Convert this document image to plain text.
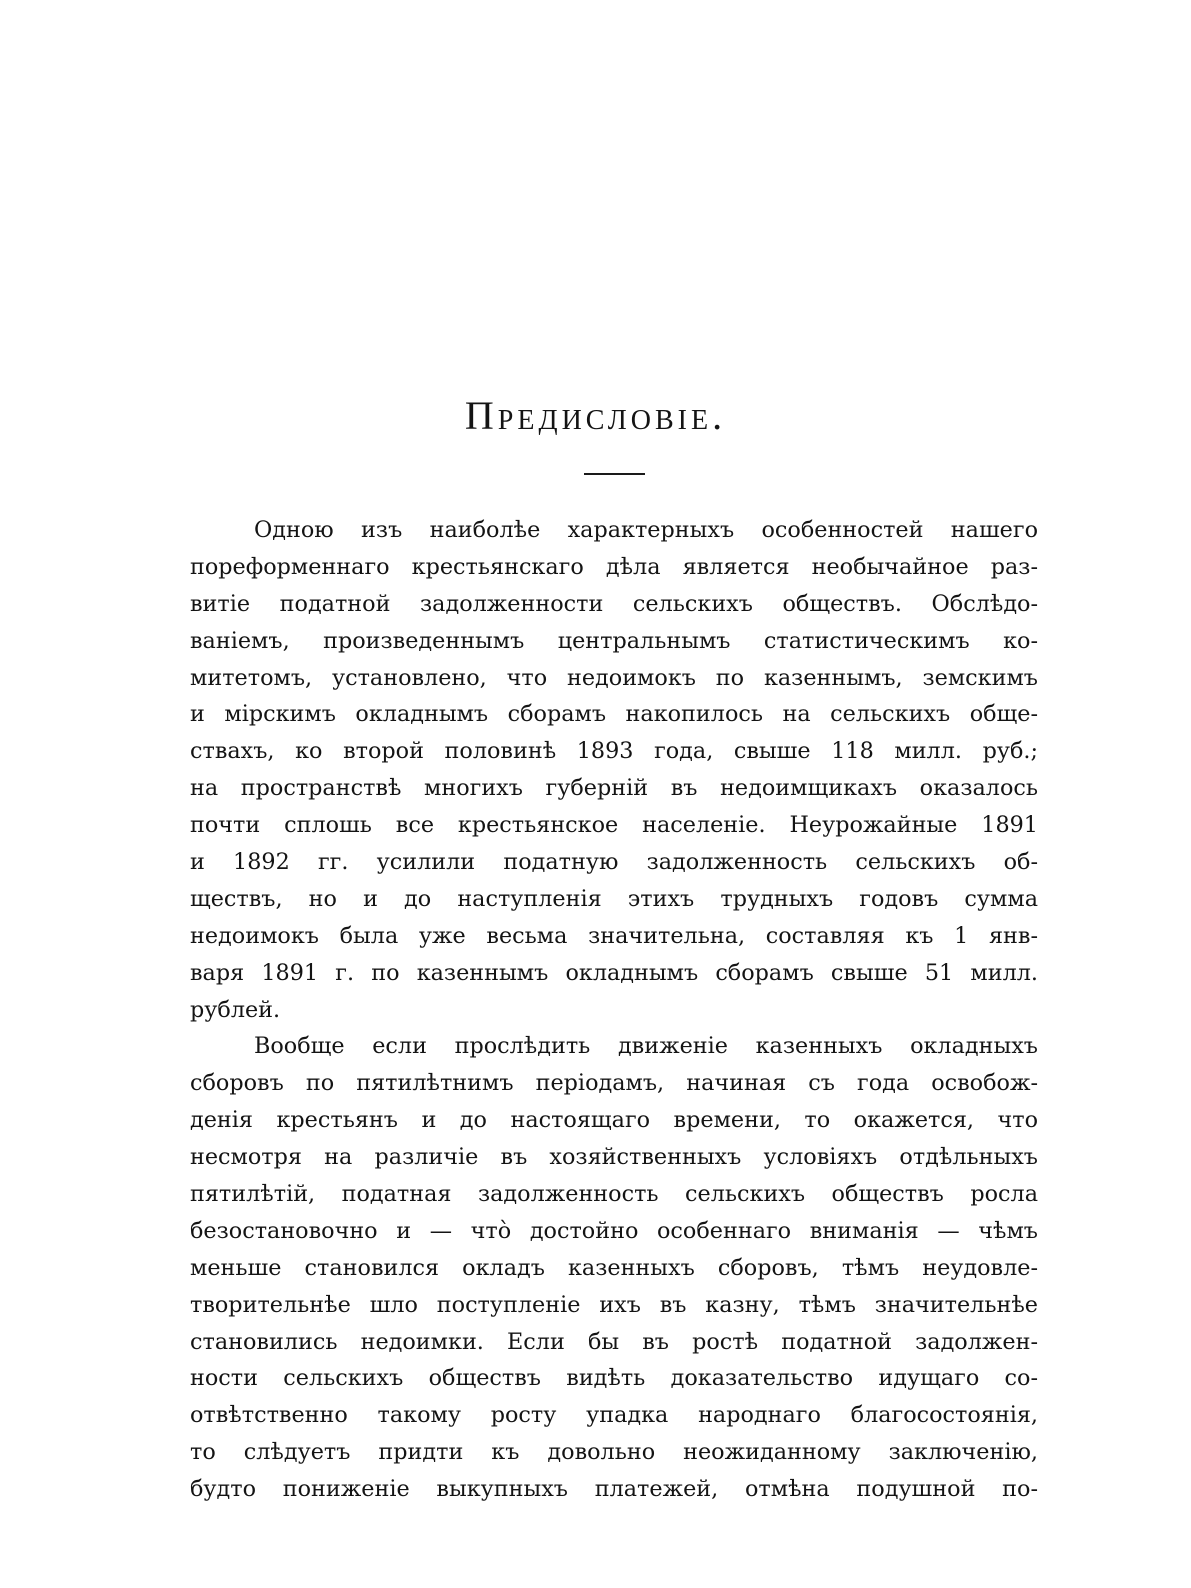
Предисловіе.
Одною изъ наиболѣе характерныхъ особенностей нашего
пореформеннаго крестьянскаго дѣла является необычайное раз-
витіе податной задолженности сельскихъ обществъ. Обслѣдо-
ваніемъ, произведеннымъ центральнымъ статистическимъ ко-
митетомъ, установлено, что недоимокъ по казеннымъ, земскимъ
и мірскимъ окладнымъ сборамъ накопилось на сельскихъ обще-
ствахъ, ко второй половинѣ 1893 года, свыше 118 милл. руб.;
на пространствѣ многихъ губерній въ недоимщикахъ оказалось
почти сплошь все крестьянское населеніе. Неурожайные 1891
и 1892 гг. усилили податную задолженность сельскихъ об-
ществъ, но и до наступленія этихъ трудныхъ годовъ сумма
недоимокъ была уже весьма значительна, составляя къ 1 янв-
варя 1891 г. по казеннымъ окладнымъ сборамъ свыше 51 милл.
рублей.
Вообще если прослѣдить движеніе казенныхъ окладныхъ
сборовъ по пятилѣтнимъ періодамъ, начиная съ года освобож-
денія крестьянъ и до настоящаго времени, то окажется, что
несмотря на различіе въ хозяйственныхъ условіяхъ отдѣльныхъ
пятилѣтій, податная задолженность сельскихъ обществъ росла
безостановочно и — что̀ достойно особеннаго вниманія — чѣмъ
меньше становился окладъ казенныхъ сборовъ, тѣмъ неудовле-
творительнѣе шло поступленіе ихъ въ казну, тѣмъ значительнѣе
становились недоимки. Если бы въ ростѣ податной задолжен-
ности сельскихъ обществъ видѣть доказательство идущаго со-
отвѣтственно такому росту упадка народнаго благосостоянія,
то слѣдуетъ придти къ довольно неожиданному заключенію,
будто пониженіе выкупныхъ платежей, отмѣна подушной по-
